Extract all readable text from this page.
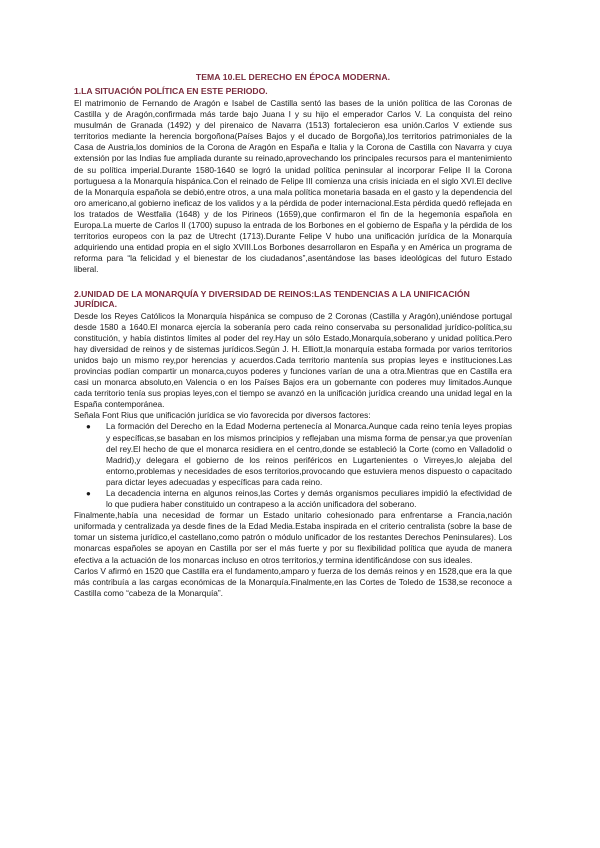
TEMA 10.EL DERECHO EN ÉPOCA MODERNA.
1.LA SITUACIÓN POLÍTICA EN ESTE PERIODO.

El matrimonio de Fernando de Aragón e Isabel de Castilla sentó las bases de la unión política de las Coronas de Castilla y de Aragón,confirmada más tarde bajo Juana I y su hijo el emperador Carlos V. La conquista del reino musulmán de Granada (1492) y del pirenaico de Navarra (1513) fortalecieron esa unión.Carlos V extiende sus territorios mediante la herencia borgoñona(Países Bajos y el ducado de Borgoña),los territorios patrimoniales de la Casa de Austria,los dominios de la Corona de Aragón en España e Italia y la Corona de Castilla con Navarra y cuya extensión por las Indias fue ampliada durante su reinado,aprovechando los principales recursos para el mantenimiento de su política imperial.Durante 1580-1640 se logró la unidad política peninsular al incorporar Felipe II la Corona portuguesa a la Monarquía hispánica.Con el reinado de Felipe III comienza una crisis iniciada en el siglo XVI.El declive de la Monarquía española se debió,entre otros, a una mala política monetaria basada en el gasto y la dependencia del oro americano,al gobierno ineficaz de los validos y a la pérdida de poder internacional.Esta pérdida quedó reflejada en los tratados de Westfalia (1648) y de los Pirineos (1659),que confirmaron el fin de la hegemonía española en Europa.La muerte de Carlos II (1700) supuso la entrada de los Borbones en el gobierno de España y la pérdida de los territorios europeos con la paz de Utrecht (1713).Durante Felipe V hubo una unificación jurídica de la Monarquía adquiriendo una entidad propia en el siglo XVIII.Los Borbones desarrollaron en España y en América un programa de reforma para “la felicidad y el bienestar de los ciudadanos”,asentándose las bases ideológicas del futuro Estado liberal.

2.UNIDAD DE LA MONARQUÍA Y DIVERSIDAD DE REINOS:LAS TENDENCIAS A LA UNIFICACIÓN JURÍDICA.

Desde los Reyes Católicos la Monarquía hispánica se compuso de 2 Coronas (Castilla y Aragón),uniéndose portugal desde 1580 a 1640.El monarca ejercía la soberanía pero cada reino conservaba su personalidad jurídico-política,su constitución, y había distintos límites al poder del rey.Hay un sólo Estado,Monarquía,soberano y unidad política.Pero hay diversidad de reinos y de sistemas jurídicos.Según J. H. Elliott,la monarquía estaba formada por varios territorios unidos bajo un mismo rey,por herencias y acuerdos.Cada territorio mantenía sus propias leyes e instituciones.Las provincias podían compartir un monarca,cuyos poderes y funciones varían de una a otra.Mientras que en Castilla era casi un monarca absoluto,en Valencia o en los Países Bajos era un gobernante con poderes muy limitados.Aunque cada territorio tenía sus propias leyes,con el tiempo se avanzó en la unificación jurídica creando una unidad legal en la España contemporánea.

Señala Font Rius que unificación jurídica se vio favorecida por diversos factores:

● La formación del Derecho en la Edad Moderna pertenecía al Monarca.Aunque cada reino tenía leyes propias y específicas,se basaban en los mismos principios y reflejaban una misma forma de pensar,ya que provenían del rey.El hecho de que el monarca residiera en el centro,donde se estableció la Corte (como en Valladolid o Madrid),y delegara el gobierno de los reinos periféricos en Lugartenientes o Virreyes,lo alejaba del entorno,problemas y necesidades de esos territorios,provocando que estuviera menos dispuesto o capacitado para dictar leyes adecuadas y específicas para cada reino.
● La decadencia interna en algunos reinos,las Cortes y demás organismos peculiares impidió la efectividad de lo que pudiera haber constituido un contrapeso a la acción unificadora del soberano.

Finalmente,había una necesidad de formar un Estado unitario cohesionado para enfrentarse a Francia,nación uniformada y centralizada ya desde fines de la Edad Media.Estaba inspirada en el criterio centralista (sobre la base de tomar un sistema jurídico,el castellano,como patrón o módulo unificador de los restantes Derechos Peninsulares). Los monarcas españoles se apoyan en Castilla por ser el más fuerte y por su flexibilidad política que ayuda de manera efectiva a la actuación de los monarcas incluso en otros territorios,y termina identificándose con sus ideales.

Carlos V afirmó en 1520 que Castilla era el fundamento,amparo y fuerza de los demás reinos y en 1528,que era la que más contribuía a las cargas económicas de la Monarquía.Finalmente,en las Cortes de Toledo de 1538,se reconoce a Castilla como “cabeza de la Monarquía”.
